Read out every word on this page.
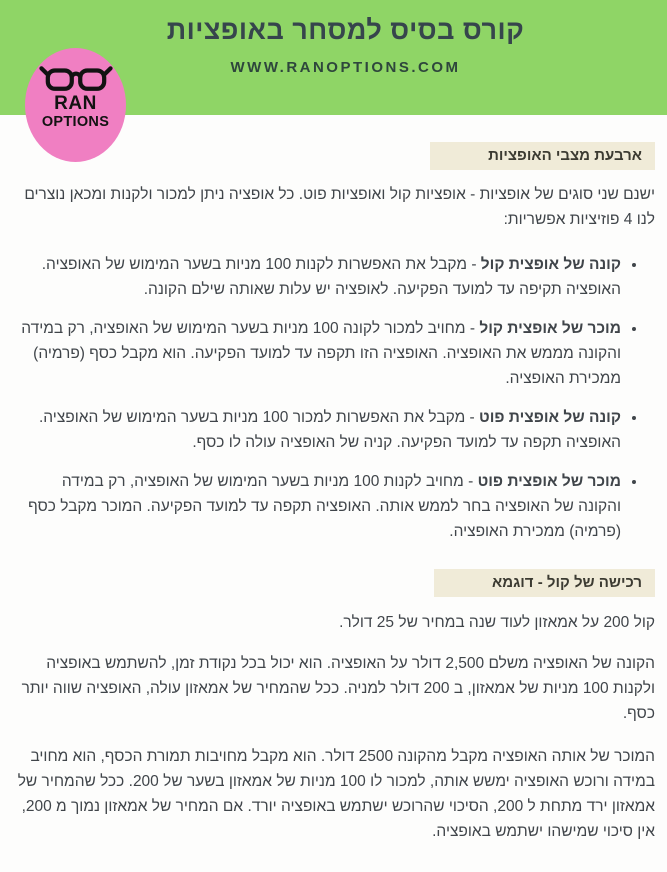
קורס בסיס למסחר באופציות
WWW.RANOPTIONS.COM
RAN
OPTIONS
ארבעת מצבי האופציות

ישנם שני סוגים של אופציות - אופציות קול ואופציות פוט. כל אופציה ניתן למכור ולקנות ומכאן נוצרים לנו 4 פוזיציות אפשריות:

• קונה של אופצית קול - מקבל את האפשרות לקנות 100 מניות בשער המימוש של האופציה. האופציה תקיפה עד למועד הפקיעה. לאופציה יש עלות שאותה שילם הקונה.
• מוכר של אופצית קול - מחויב למכור לקונה 100 מניות בשער המימוש של האופציה, רק במידה והקונה מממש את האופציה. האופציה הזו תקפה עד למועד הפקיעה. הוא מקבל כסף (פרמיה) ממכירת האופציה.
• קונה של אופצית פוט - מקבל את האפשרות למכור 100 מניות בשער המימוש של האופציה. האופציה תקפה עד למועד הפקיעה. קניה של האופציה עולה לו כסף.
• מוכר של אופצית פוט - מחויב לקנות 100 מניות בשער המימוש של האופציה, רק במידה והקונה של האופציה בחר לממש אותה. האופציה תקפה עד למועד הפקיעה. המוכר מקבל כסף (פרמיה) ממכירת האופציה.
רכישה של קול - דוגמא

קול 200 על אמאזון לעוד שנה במחיר של 25 דולר.

הקונה של האופציה משלם 2,500 דולר על האופציה. הוא יכול בכל נקודת זמן, להשתמש באופציה ולקנות 100 מניות של אמאזון, ב 200 דולר למניה. ככל שהמחיר של אמאזון עולה, האופציה שווה יותר כסף.

המוכר של אותה האופציה מקבל מהקונה 2500 דולר. הוא מקבל מחויבות תמורת הכסף, הוא מחויב במידה ורוכש האופציה ימשש אותה, למכור לו 100 מניות של אמאזון בשער של 200. ככל שהמחיר של אמאזון ירד מתחת ל 200, הסיכוי שהרוכש ישתמש באופציה יורד. אם המחיר של אמאזון נמוך מ 200, אין סיכוי שמישהו ישתמש באופציה.
